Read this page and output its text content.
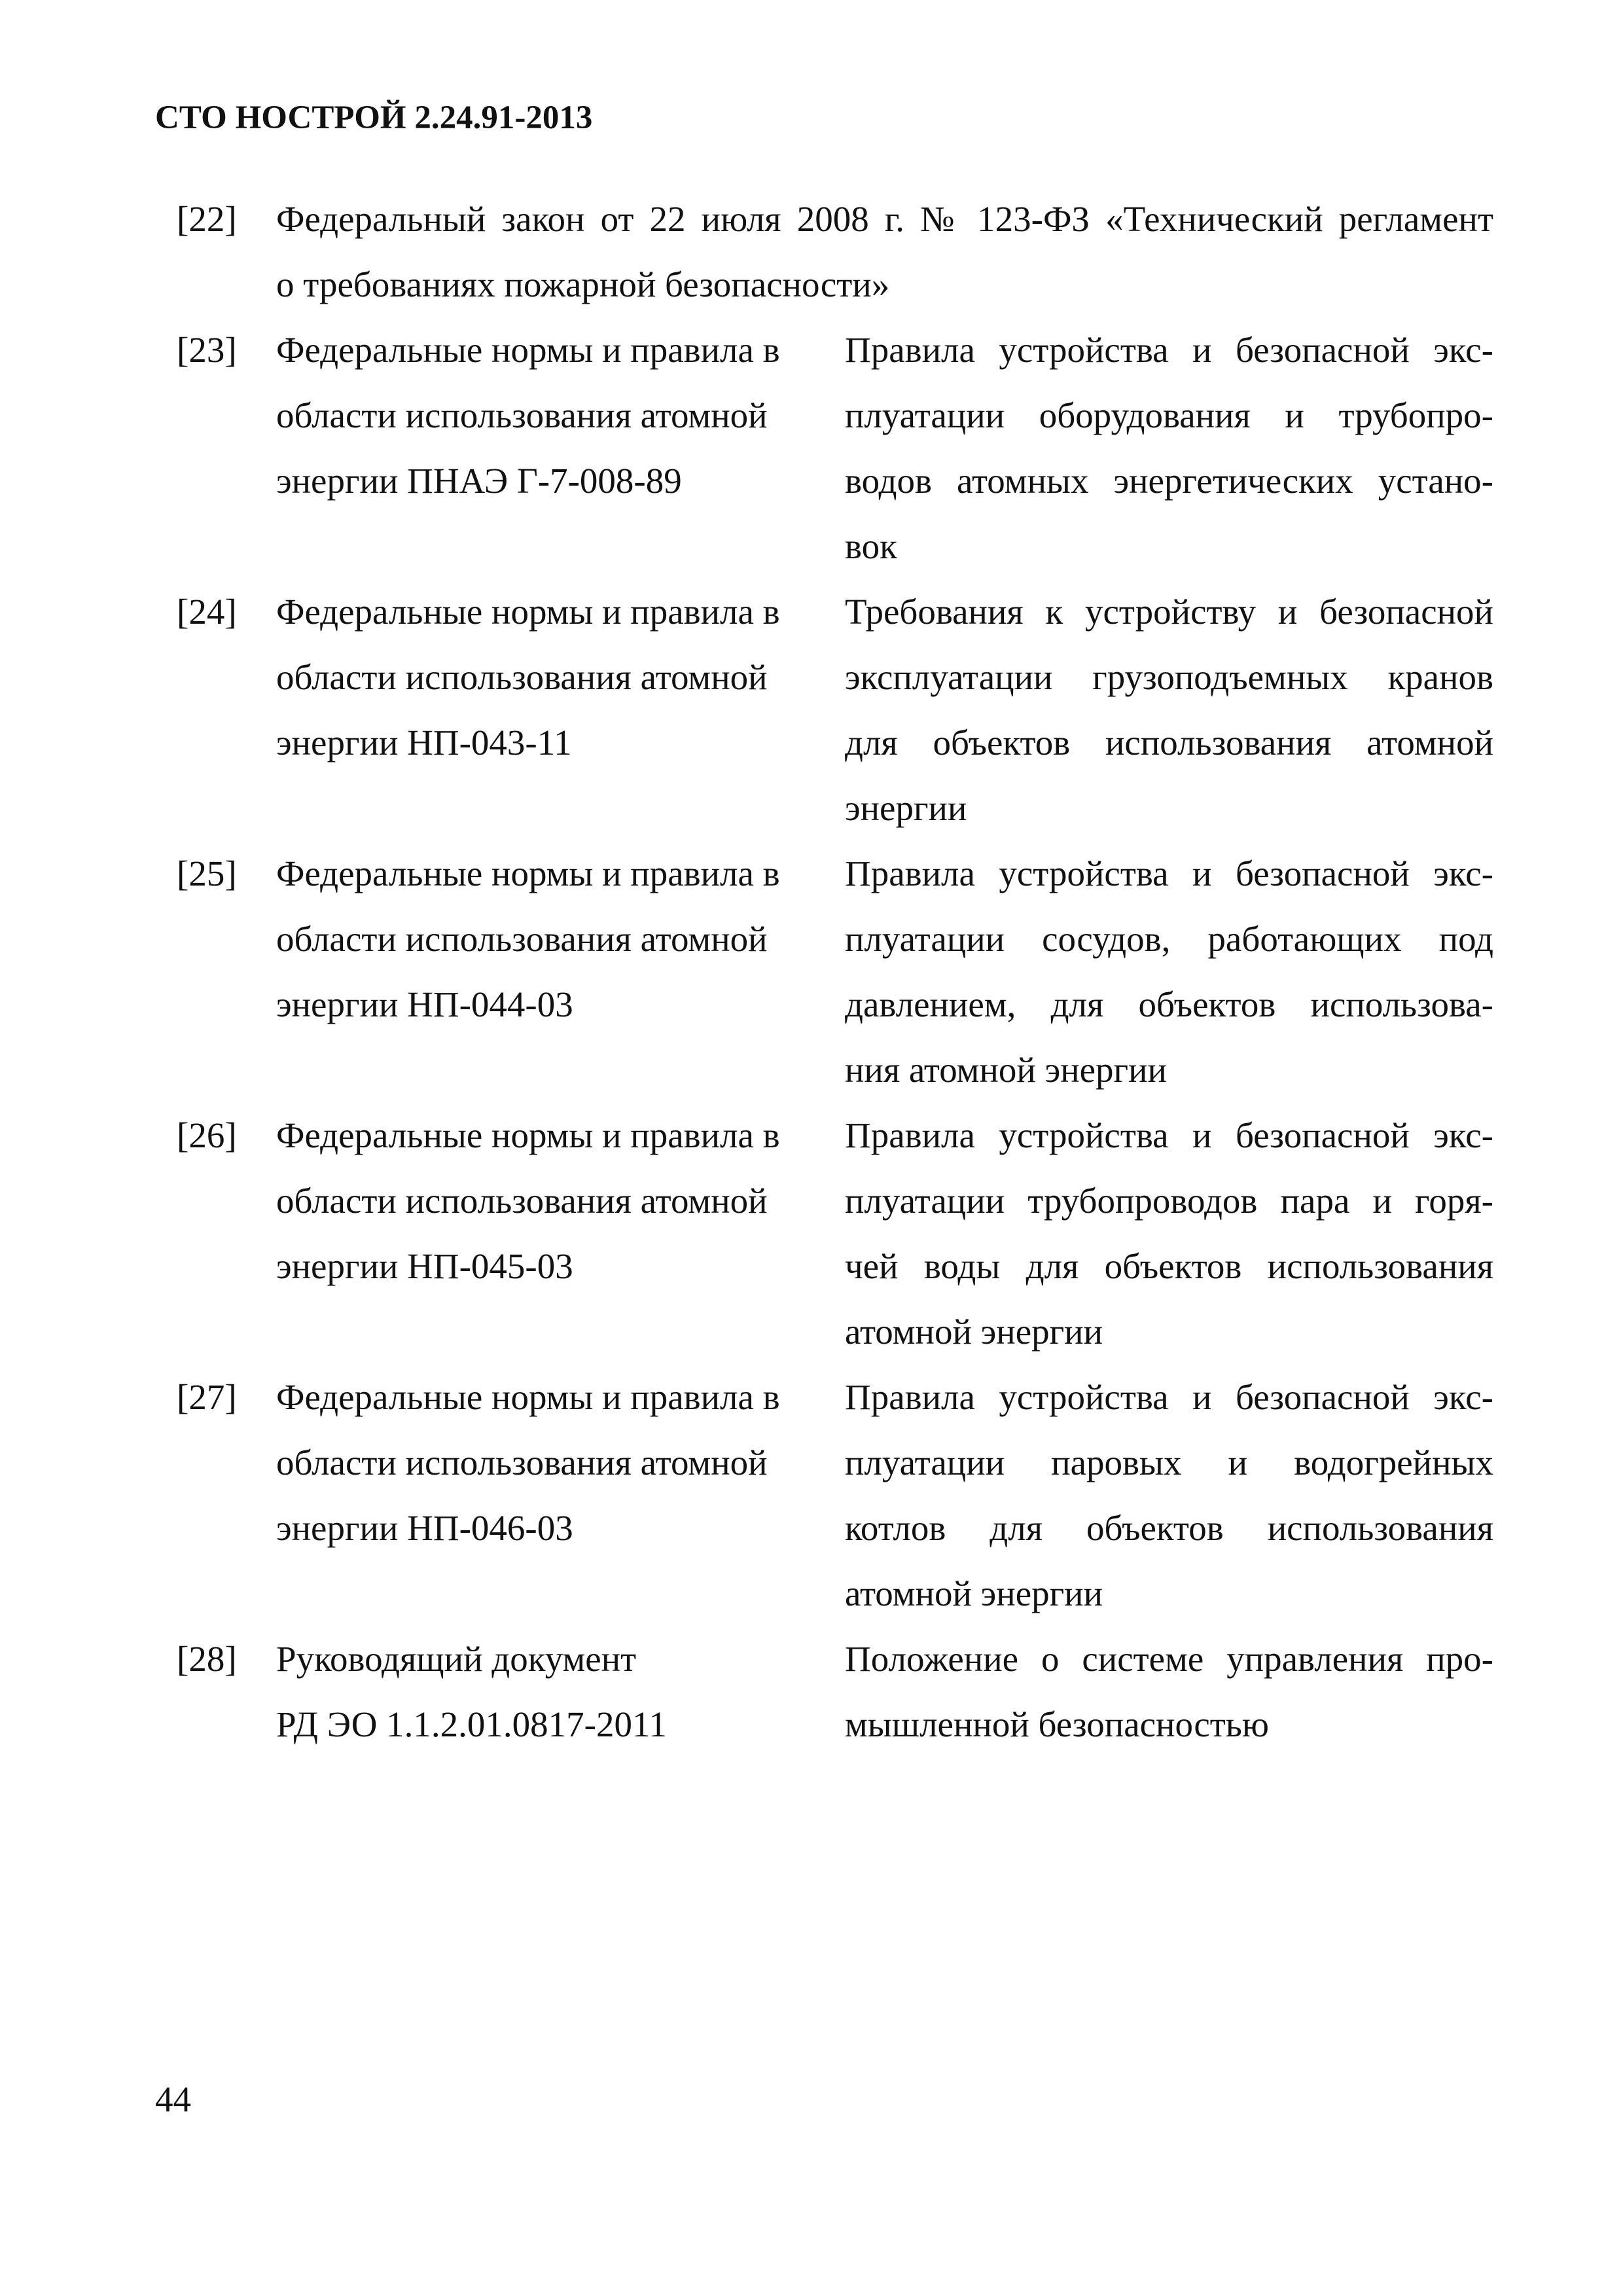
СТО НОСТРОЙ 2.24.91-2013
[22] Федеральный закон от 22 июля 2008 г. № 123-ФЗ «Технический регламент
о требованиях пожарной безопасности»
[23] Федеральные нормы и правила в
области использования атомной
энергии ПНАЭ Г-7-008-89
Правила устройства и безопасной экс-
плуатации оборудования и трубопро-
водов атомных энергетических устано-
вок
[24] Федеральные нормы и правила в
области использования атомной
энергии НП-043-11
Требования к устройству и безопасной
эксплуатации грузоподъемных кранов
для объектов использования атомной
энергии
[25] Федеральные нормы и правила в
области использования атомной
энергии НП-044-03
Правила устройства и безопасной экс-
плуатации сосудов, работающих под
давлением, для объектов использова-
ния атомной энергии
[26] Федеральные нормы и правила в
области использования атомной
энергии НП-045-03
Правила устройства и безопасной экс-
плуатации трубопроводов пара и горя-
чей воды для объектов использования
атомной энергии
[27] Федеральные нормы и правила в
области использования атомной
энергии НП-046-03
Правила устройства и безопасной экс-
плуатации паровых и водогрейных
котлов для объектов использования
атомной энергии
[28] Руководящий документ
РД ЭО 1.1.2.01.0817-2011
Положение о системе управления про-
мышленной безопасностью
44
